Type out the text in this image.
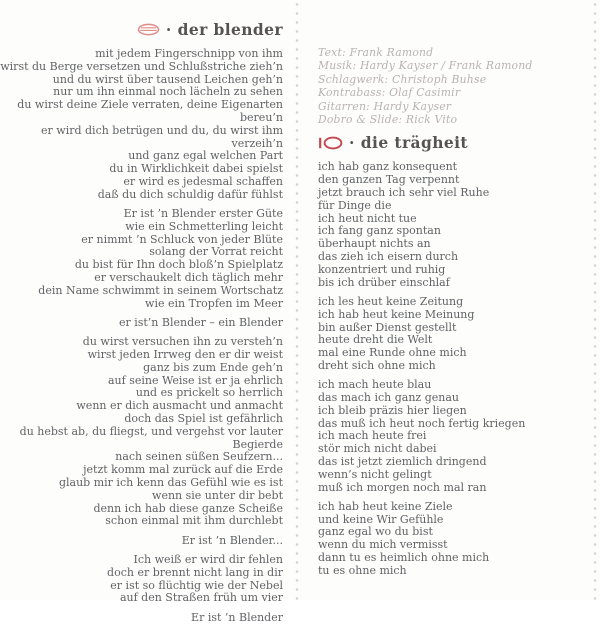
· der blender
mit jedem Fingerschnipp von ihm
wirst du Berge versetzen und Schlußstriche zieh’n
und du wirst über tausend Leichen geh’n
nur um ihn einmal noch lächeln zu sehen
du wirst deine Ziele verraten, deine Eigenarten bereu’n
er wird dich betrügen und du, du wirst ihm verzeih’n
und ganz egal welchen Part
du in Wirklichkeit dabei spielst
er wird es jedesmal schaffen
daß du dich schuldig dafür fühlst
Er ist ’n Blender erster Güte
wie ein Schmetterling leicht
er nimmt ’n Schluck von jeder Blüte
solang der Vorrat reicht
du bist für Ihn doch bloß’n Spielplatz
er verschaukelt dich täglich mehr
dein Name schwimmt in seinem Wortschatz
wie ein Tropfen im Meer
er ist’n Blender – ein Blender
du wirst versuchen ihn zu versteh’n
wirst jeden Irrweg den er dir weist
ganz bis zum Ende geh’n
auf seine Weise ist er ja ehrlich
und es prickelt so herrlich
wenn er dich ausmacht und anmacht
doch das Spiel ist gefährlich
du hebst ab, du fliegst, und vergehst vor lauter Begierde
nach seinen süßen Seufzern...
jetzt komm mal zurück auf die Erde
glaub mir ich kenn das Gefühl wie es ist
wenn sie unter dir bebt
denn ich hab diese ganze Scheiße
schon einmal mit ihm durchlebt
Er ist ’n Blender...
Ich weiß er wird dir fehlen
doch er brennt nicht lang in dir
er ist so flüchtig wie der Nebel
auf den Straßen früh um vier
Er ist ’n Blender
Text: Frank Ramond
Musik: Hardy Kayser / Frank Ramond
Schlagwerk: Christoph Buhse
Kontrabass: Olaf Casimir
Gitarren: Hardy Kayser
Dobro & Slide: Rick Vito
· die trägheit
ich hab ganz konsequent
den ganzen Tag verpennt
jetzt brauch ich sehr viel Ruhe
für Dinge die
ich heut nicht tue
ich fang ganz spontan
überhaupt nichts an
das zieh ich eisern durch
konzentriert und ruhig
bis ich drüber einschlaf
ich les heut keine Zeitung
ich hab heut keine Meinung
bin außer Dienst gestellt
heute dreht die Welt
mal eine Runde ohne mich
dreht sich ohne mich
ich mach heute blau
das mach ich ganz genau
ich bleib präzis hier liegen
das muß ich heut noch fertig kriegen
ich mach heute frei
stör mich nicht dabei
das ist jetzt ziemlich dringend
wenn’s nicht gelingt
muß ich morgen noch mal ran
ich hab heut keine Ziele
und keine Wir Gefühle
ganz egal wo du bist
wenn du mich vermisst
dann tu es heimlich ohne mich
tu es ohne mich
